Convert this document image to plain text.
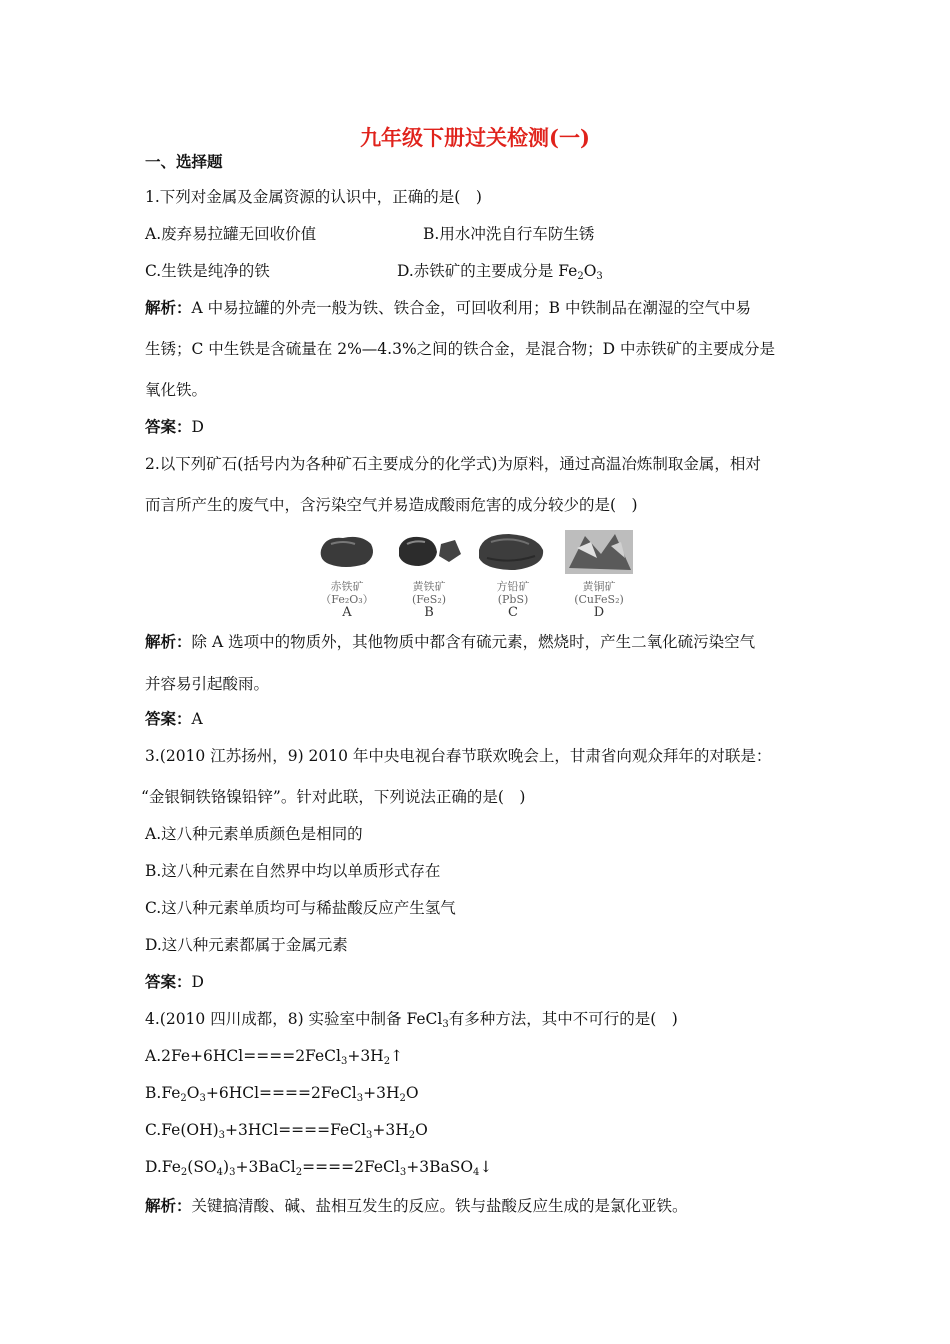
九年级下册过关检测(一)
一、选择题
1.下列对金属及金属资源的认识中，正确的是(　)
A.废弃易拉罐无回收价值	B.用水冲洗自行车防生锈
C.生铁是纯净的铁	D.赤铁矿的主要成分是 $Fe_2O_3$
解析：A 中易拉罐的外壳一般为铁、铁合金，可回收利用；B 中铁制品在潮湿的空气中易
生锈；C 中生铁是含硫量在 2%—4.3%之间的铁合金，是混合物；D 中赤铁矿的主要成分是
氧化铁。
答案：D
2.以下列矿石(括号内为各种矿石主要成分的化学式)为原料，通过高温冶炼制取金属，相对
而言所产生的废气中，含污染空气并易造成酸雨危害的成分较少的是(　)
赤铁矿
（Fe₂O₃）
A
黄铁矿
(FeS₂)
B
方铅矿
(PbS)
C
黄铜矿
(CuFeS₂)
D
解析：除 A 选项中的物质外，其他物质中都含有硫元素，燃烧时，产生二氧化硫污染空气
并容易引起酸雨。
答案：A
3.(2010 江苏扬州，9) 2010 年中央电视台春节联欢晚会上，甘肃省向观众拜年的对联是：
“金银铜铁铬镍铅锌”。针对此联，下列说法正确的是(　)
A.这八种元素单质颜色是相同的
B.这八种元素在自然界中均以单质形式存在
C.这八种元素单质均可与稀盐酸反应产生氢气
D.这八种元素都属于金属元素
答案：D
4.(2010 四川成都，8) 实验室中制备 FeCl$_3$有多种方法，其中不可行的是(　)
$A.2Fe+6HCl====2FeCl_3+3H_2↑$
$B.Fe_2O_3+6HCl====2FeCl_3+3H_2O$
$C.Fe(OH)_3+3HCl====FeCl_3+3H_2O$
$D.Fe_2(SO_4)_3+3BaCl_2====2FeCl_3+3BaSO_4↓$
解析：关键搞清酸、碱、盐相互发生的反应。铁与盐酸反应生成的是氯化亚铁。
